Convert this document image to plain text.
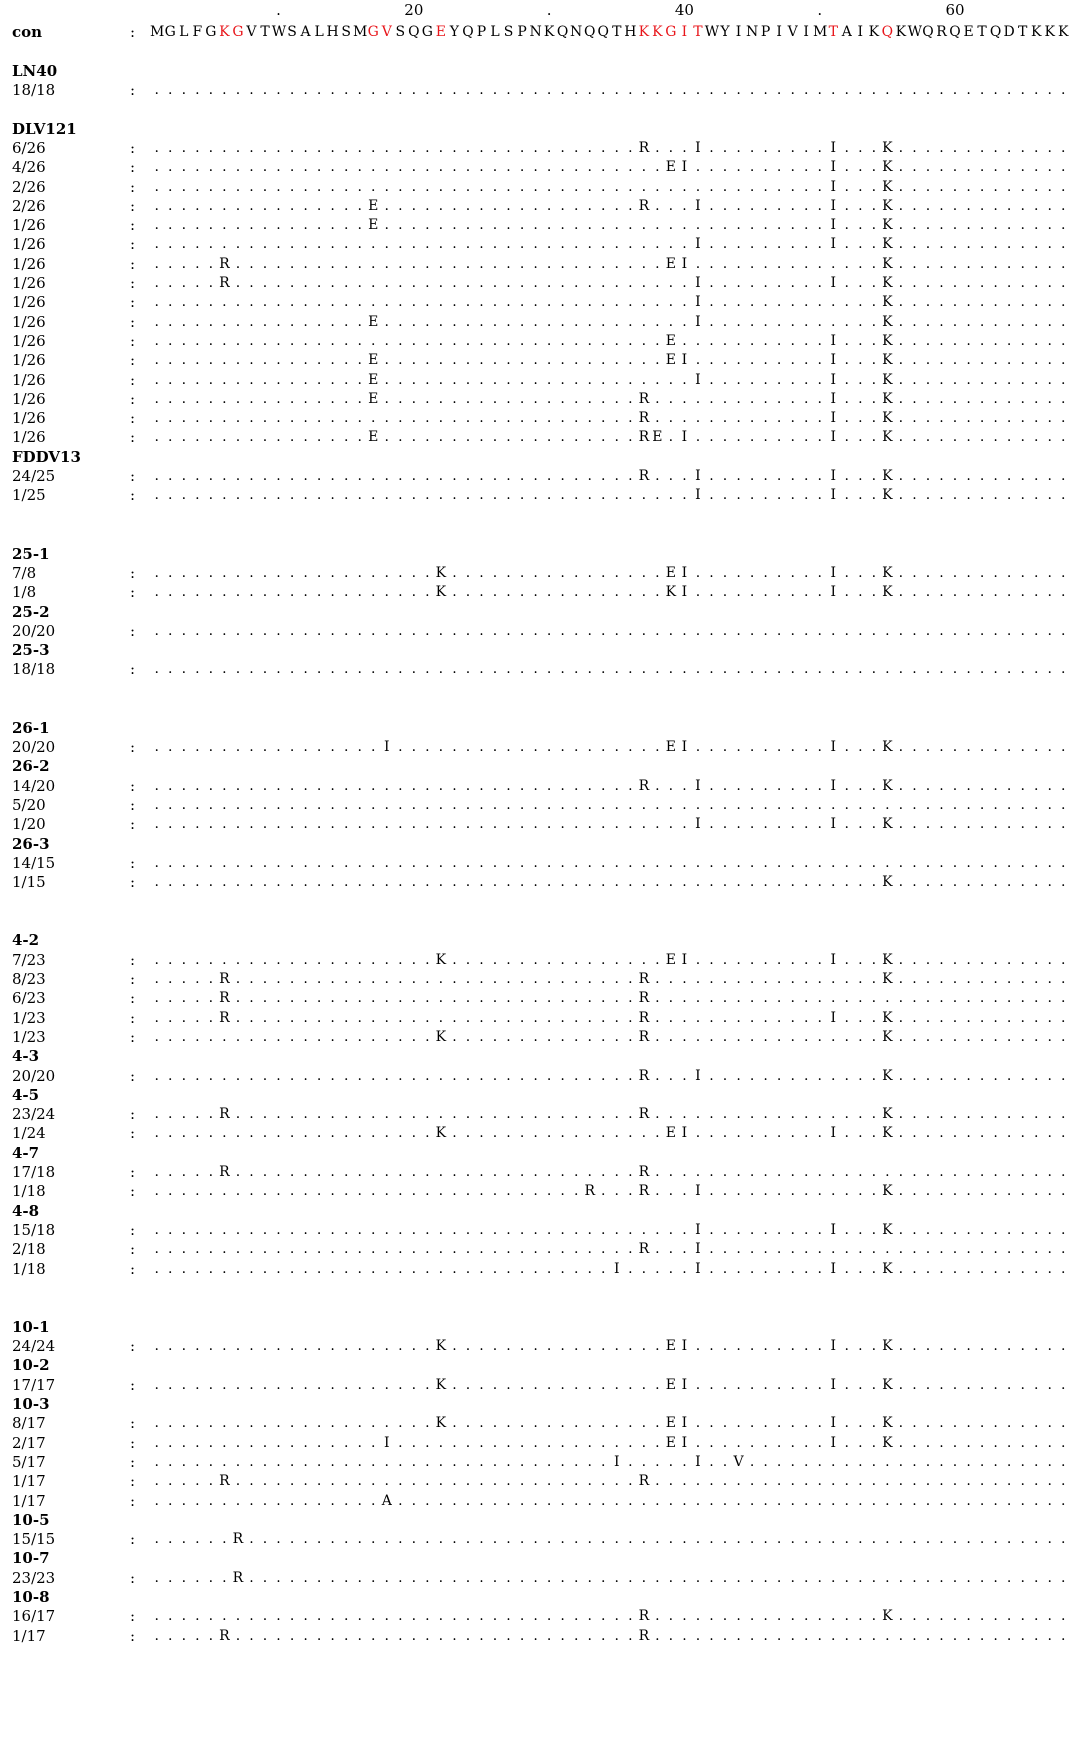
.	20	.	40	.	60
con	: M G L F G K G V T W S A L H S M G V S Q G E Y Q P L S P N K Q N Q Q T H K K G I T W Y I N P I V I M T A I K Q K W Q R Q E T Q D T K K K
LN40
18/18	:	. . . . . . . . . . . . . . . . . . . . . . . . . . . . . . . . . . . . . . . . . . . . . . . . . . . . . . . . . . . . . . . . . . . .
DLV121
6/26	:	. . . . . . . . . . . . . . . . . . . . . . . . . . . . . . . . . . . . R . . . I . . . . . . . . . I . . . K . . . . . . . . . . . . .
4/26	:	. . . . . . . . . . . . . . . . . . . . . . . . . . . . . . . . . . . . . . E I . . . . . . . . . . I . . . K . . . . . . . . . . . . .
2/26	:	. . . . . . . . . . . . . . . . . . . . . . . . . . . . . . . . . . . . . . . . . . . . . . . . . . I . . . K . . . . . . . . . . . . .
2/26	:	. . . . . . . . . . . . . . . . E . . . . . . . . . . . . . . . . . . . R . . . I . . . . . . . . . I . . . K . . . . . . . . . . . . .
1/26	:	. . . . . . . . . . . . . . . . E . . . . . . . . . . . . . . . . . . . . . . . . . . . . . . . . . I . . . K . . . . . . . . . . . . .
1/26	:	. . . . . . . . . . . . . . . . . . . . . . . . . . . . . . . . . . . . . . . . I . . . . . . . . . I . . . K . . . . . . . . . . . . .
1/26	:	. . . . . R . . . . . . . . . . . . . . . . . . . . . . . . . . . . . . . . E I . . . . . . . . . . . . . . K . . . . . . . . . . . . .
1/26	:	. . . . . R . . . . . . . . . . . . . . . . . . . . . . . . . . . . . . . . . . I . . . . . . . . . I . . . K . . . . . . . . . . . . .
1/26	:	. . . . . . . . . . . . . . . . . . . . . . . . . . . . . . . . . . . . . . . . I . . . . . . . . . . . . . K . . . . . . . . . . . . .
1/26	:	. . . . . . . . . . . . . . . . E . . . . . . . . . . . . . . . . . . . . . . . I . . . . . . . . . . . . . K . . . . . . . . . . . . .
1/26	:	. . . . . . . . . . . . . . . . . . . . . . . . . . . . . . . . . . . . . . E . . . . . . . . . . . I . . . K . . . . . . . . . . . . .
1/26	:	. . . . . . . . . . . . . . . . E . . . . . . . . . . . . . . . . . . . . . E I . . . . . . . . . . I . . . K . . . . . . . . . . . . .
1/26	:	. . . . . . . . . . . . . . . . E . . . . . . . . . . . . . . . . . . . . . . . I . . . . . . . . . I . . . K . . . . . . . . . . . . .
1/26	:	. . . . . . . . . . . . . . . . E . . . . . . . . . . . . . . . . . . . R . . . . . . . . . . . . . I . . . K . . . . . . . . . . . . .
1/26	:	. . . . . . . . . . . . . . . . . . . . . . . . . . . . . . . . . . . . R . . . . . . . . . . . . . I . . . K . . . . . . . . . . . . .
1/26	:	. . . . . . . . . . . . . . . . E . . . . . . . . . . . . . . . . . . . R E . I . . . . . . . . . . I . . . K . . . . . . . . . . . . .
FDDV13
24/25	:	. . . . . . . . . . . . . . . . . . . . . . . . . . . . . . . . . . . . R . . . I . . . . . . . . . I . . . K . . . . . . . . . . . . .
1/25	:	. . . . . . . . . . . . . . . . . . . . . . . . . . . . . . . . . . . . . . . . I . . . . . . . . . I . . . K . . . . . . . . . . . . .
25-1
7/8	:	. . . . . . . . . . . . . . . . . . . . . K . . . . . . . . . . . . . . . . E I . . . . . . . . . . I . . . K . . . . . . . . . . . . .
1/8	:	. . . . . . . . . . . . . . . . . . . . . K . . . . . . . . . . . . . . . . K I . . . . . . . . . . I . . . K . . . . . . . . . . . . .
25-2
20/20	:	. . . . . . . . . . . . . . . . . . . . . . . . . . . . . . . . . . . . . . . . . . . . . . . . . . . . . . . . . . . . . . . . . . . .
25-3
18/18	:	. . . . . . . . . . . . . . . . . . . . . . . . . . . . . . . . . . . . . . . . . . . . . . . . . . . . . . . . . . . . . . . . . . . .
26-1
20/20	:	. . . . . . . . . . . . . . . . . I . . . . . . . . . . . . . . . . . . . . E I . . . . . . . . . . I . . . K . . . . . . . . . . . . .
26-2
14/20	:	. . . . . . . . . . . . . . . . . . . . . . . . . . . . . . . . . . . . R . . . I . . . . . . . . . I . . . K . . . . . . . . . . . . .
5/20	:	. . . . . . . . . . . . . . . . . . . . . . . . . . . . . . . . . . . . . . . . . . . . . . . . . . . . . . . . . . . . . . . . . . . .
1/20	:	. . . . . . . . . . . . . . . . . . . . . . . . . . . . . . . . . . . . . . . . I . . . . . . . . . I . . . K . . . . . . . . . . . . .
26-3
14/15	:	. . . . . . . . . . . . . . . . . . . . . . . . . . . . . . . . . . . . . . . . . . . . . . . . . . . . . . . . . . . . . . . . . . . .
1/15	:	. . . . . . . . . . . . . . . . . . . . . . . . . . . . . . . . . . . . . . . . . . . . . . . . . . . . . . K . . . . . . . . . . . . .
4-2
7/23	:	. . . . . . . . . . . . . . . . . . . . . K . . . . . . . . . . . . . . . . E I . . . . . . . . . . I . . . K . . . . . . . . . . . . .
8/23	:	. . . . . R . . . . . . . . . . . . . . . . . . . . . . . . . . . . . . R . . . . . . . . . . . . . . . . . K . . . . . . . . . . . . .
6/23	:	. . . . . R . . . . . . . . . . . . . . . . . . . . . . . . . . . . . . R . . . . . . . . . . . . . . . . . . . . . . . . . . . . . . .
1/23	:	. . . . . R . . . . . . . . . . . . . . . . . . . . . . . . . . . . . . R . . . . . . . . . . . . . I . . . K . . . . . . . . . . . . .
1/23	:	. . . . . . . . . . . . . . . . . . . . . K . . . . . . . . . . . . . . R . . . . . . . . . . . . . . . . . K . . . . . . . . . . . . .
4-3
20/20	:	. . . . . . . . . . . . . . . . . . . . . . . . . . . . . . . . . . . . R . . . I . . . . . . . . . . . . . K . . . . . . . . . . . . .
4-5
23/24	:	. . . . . R . . . . . . . . . . . . . . . . . . . . . . . . . . . . . . R . . . . . . . . . . . . . . . . . K . . . . . . . . . . . . .
1/24	:	. . . . . . . . . . . . . . . . . . . . . K . . . . . . . . . . . . . . . . E I . . . . . . . . . . I . . . K . . . . . . . . . . . . .
4-7
17/18	:	. . . . . R . . . . . . . . . . . . . . . . . . . . . . . . . . . . . . R . . . . . . . . . . . . . . . . . . . . . . . . . . . . . . .
1/18	:	. . . . . . . . . . . . . . . . . . . . . . . . . . . . . . . . R . . . R . . . I . . . . . . . . . . . . . K . . . . . . . . . . . . .
4-8
15/18	:	. . . . . . . . . . . . . . . . . . . . . . . . . . . . . . . . . . . . . . . . I . . . . . . . . . I . . . K . . . . . . . . . . . . .
2/18	:	. . . . . . . . . . . . . . . . . . . . . . . . . . . . . . . . . . . . R . . . I . . . . . . . . . . . . . . . . . . . . . . . . . . .
1/18	:	. . . . . . . . . . . . . . . . . . . . . . . . . . . . . . . . . . I . . . . . I . . . . . . . . . I . . . K . . . . . . . . . . . . .
10-1
24/24	:	. . . . . . . . . . . . . . . . . . . . . K . . . . . . . . . . . . . . . . E I . . . . . . . . . . I . . . K . . . . . . . . . . . . .
10-2
17/17	:	. . . . . . . . . . . . . . . . . . . . . K . . . . . . . . . . . . . . . . E I . . . . . . . . . . I . . . K . . . . . . . . . . . . .
10-3
8/17	:	. . . . . . . . . . . . . . . . . . . . . K . . . . . . . . . . . . . . . . E I . . . . . . . . . . I . . . K . . . . . . . . . . . . .
2/17	:	. . . . . . . . . . . . . . . . . I . . . . . . . . . . . . . . . . . . . . E I . . . . . . . . . . I . . . K . . . . . . . . . . . . .
5/17	:	. . . . . . . . . . . . . . . . . . . . . . . . . . . . . . . . . . I . . . . . I . . V . . . . . . . . . . . . . . . . . . . . . . . .
1/17	:	. . . . . R . . . . . . . . . . . . . . . . . . . . . . . . . . . . . . R . . . . . . . . . . . . . . . . . . . . . . . . . . . . . . .
1/17	:	. . . . . . . . . . . . . . . . . A . . . . . . . . . . . . . . . . . . . . . . . . . . . . . . . . . . . . . . . . . . . . . . . . . .
10-5
15/15	:	. . . . . . R . . . . . . . . . . . . . . . . . . . . . . . . . . . . . . . . . . . . . . . . . . . . . . . . . . . . . . . . . . . . .
10-7
23/23	:	. . . . . . R . . . . . . . . . . . . . . . . . . . . . . . . . . . . . . . . . . . . . . . . . . . . . . . . . . . . . . . . . . . . .
10-8
16/17	:	. . . . . . . . . . . . . . . . . . . . . . . . . . . . . . . . . . . . R . . . . . . . . . . . . . . . . . K . . . . . . . . . . . . .
1/17	:	. . . . . R . . . . . . . . . . . . . . . . . . . . . . . . . . . . . . R . . . . . . . . . . . . . . . . . . . . . . . . . . . . . . .
